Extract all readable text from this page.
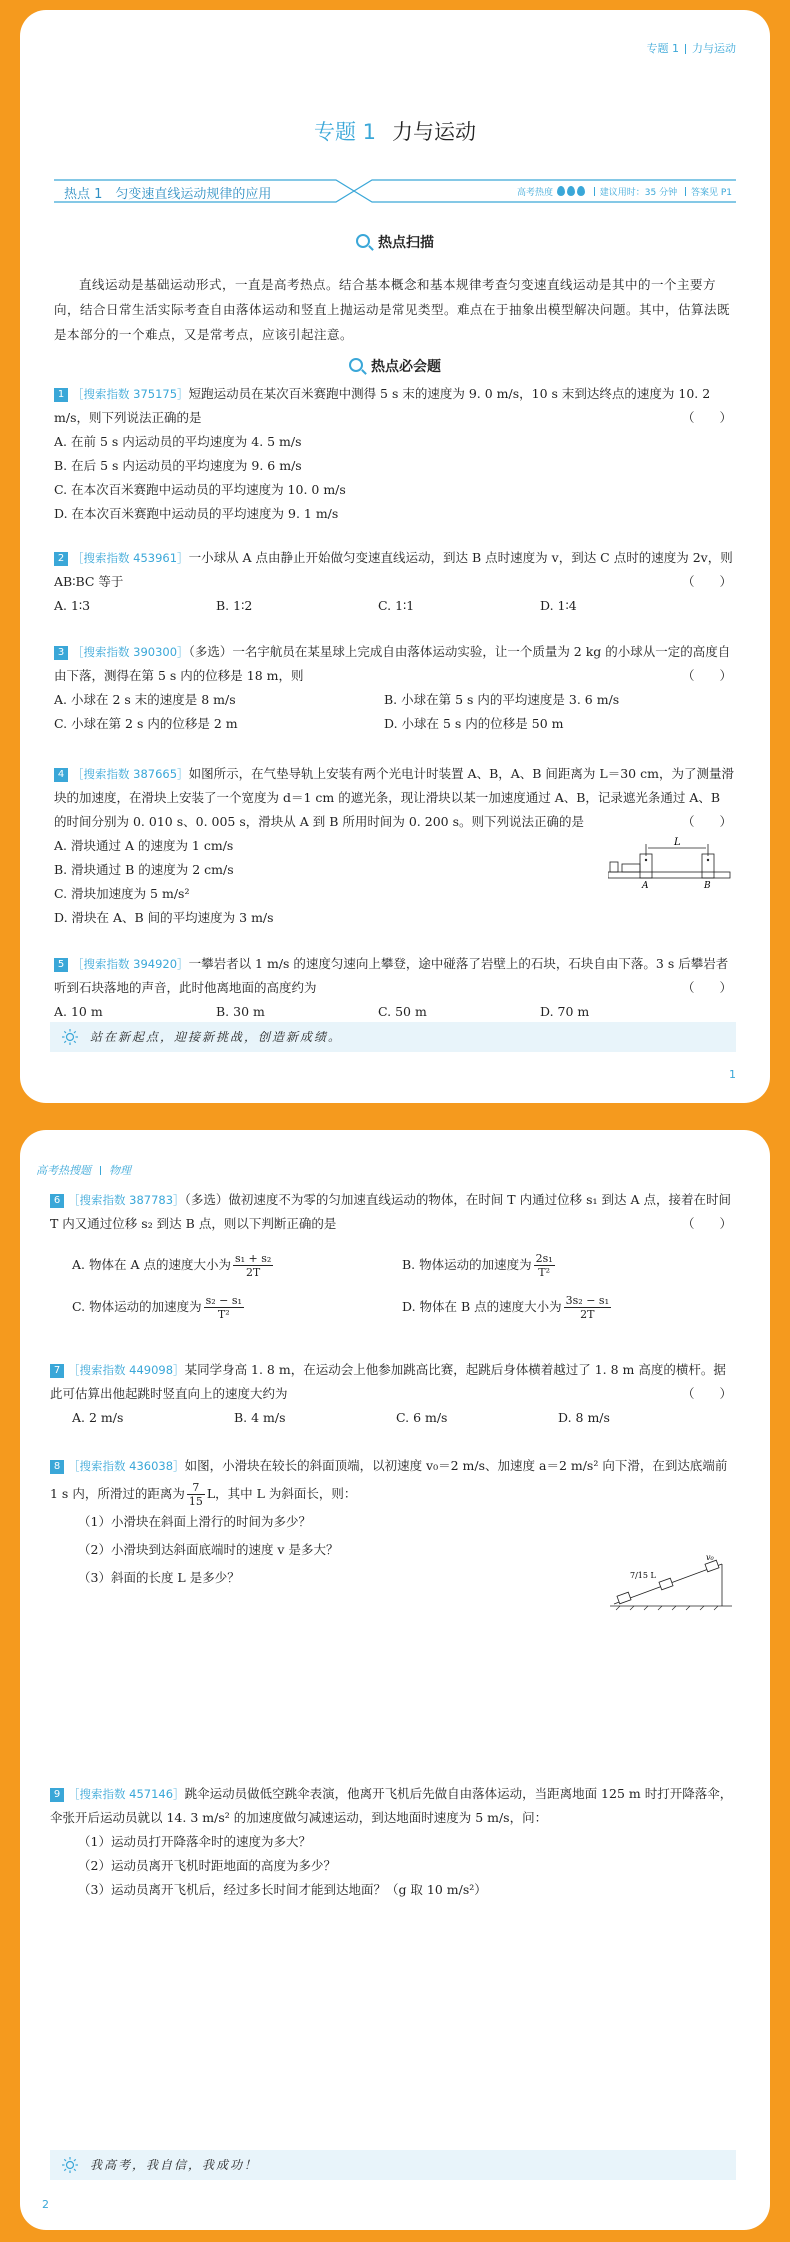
专题 1 力与运动
专题 1 力与运动
热点 1　匀变速直线运动规律的应用	高考热度	建议用时：35 分钟 答案见 P1
热点扫描
直线运动是基础运动形式，一直是高考热点。结合基本概念和基本规律考查匀变速直线运动是其中的一个主要方向，结合日常生活实际考查自由落体运动和竖直上抛运动是常见类型。难点在于抽象出模型解决问题。其中，估算法既是本部分的一个难点，又是常考点，应该引起注意。
热点必会题
1 ［搜索指数 375175］短跑运动员在某次百米赛跑中测得 5 s 末的速度为 9. 0 m/s，10 s 末到达终点的速度为 10. 2 m/s，则下列说法正确的是	（　　）
A. 在前 5 s 内运动员的平均速度为 4. 5 m/s
B. 在后 5 s 内运动员的平均速度为 9. 6 m/s
C. 在本次百米赛跑中运动员的平均速度为 10. 0 m/s
D. 在本次百米赛跑中运动员的平均速度为 9. 1 m/s
2 ［搜索指数 453961］一小球从 A 点由静止开始做匀变速直线运动，到达 B 点时速度为 v，到达 C 点时的速度为 2v，则 AB∶BC 等于	（　　）
A. 1∶3	B. 1∶2	C. 1∶1	D. 1∶4
3 ［搜索指数 390300］（多选）一名宇航员在某星球上完成自由落体运动实验，让一个质量为 2 kg 的小球从一定的高度自由下落，测得在第 5 s 内的位移是 18 m，则	（　　）
A. 小球在 2 s 末的速度是 8 m/s	B. 小球在第 5 s 内的平均速度是 3. 6 m/s
C. 小球在第 2 s 内的位移是 2 m	D. 小球在 5 s 内的位移是 50 m
4 ［搜索指数 387665］如图所示，在气垫导轨上安装有两个光电计时装置 A、B，A、B 间距离为 L＝30 cm，为了测量滑块的加速度，在滑块上安装了一个宽度为 d＝1 cm 的遮光条，现让滑块以某一加速度通过 A、B，记录遮光条通过 A、B 的时间分别为 0. 010 s、0. 005 s，滑块从 A 到 B 所用时间为 0. 200 s。则下列说法正确的是	（　　）
A. 滑块通过 A 的速度为 1 cm/s
B. 滑块通过 B 的速度为 2 cm/s
C. 滑块加速度为 5 m/s²
D. 滑块在 A、B 间的平均速度为 3 m/s
L
A	B
5 ［搜索指数 394920］一攀岩者以 1 m/s 的速度匀速向上攀登，途中碰落了岩壁上的石块，石块自由下落。3 s 后攀岩者听到石块落地的声音，此时他离地面的高度约为	（　　）
A. 10 m	B. 30 m	C. 50 m	D. 70 m
站在新起点，迎接新挑战，创造新成绩。
1
高考热搜题 物理
6 ［搜索指数 387783］（多选）做初速度不为零的匀加速直线运动的物体，在时间 T 内通过位移 s₁ 到达 A 点，接着在时间 T 内又通过位移 s₂ 到达 B 点，则以下判断正确的是	（　　）
A. 物体在 A 点的速度大小为 $\frac{\text{s₁ + s₂}}{2T}$	B. 物体运动的加速度为 $\frac{\text{2s₁}}{\text{T²}}$
C. 物体运动的加速度为 $\frac{\text{s₂ − s₁}}{\text{T²}}$	D. 物体在 B 点的速度大小为 $\frac{\text{3s₂ − s₁}}{2T}$
7 ［搜索指数 449098］某同学身高 1. 8 m，在运动会上他参加跳高比赛，起跳后身体横着越过了 1. 8 m 高度的横杆。据此可估算出他起跳时竖直向上的速度大约为	（　　）
A. 2 m/s	B. 4 m/s	C. 6 m/s	D. 8 m/s
8 ［搜索指数 436038］如图，小滑块在较长的斜面顶端，以初速度 v₀＝2 m/s、加速度 a＝2 m/s² 向下滑，在到达底端前 1 s 内，所滑过的距离为 $\frac{7}{15}$ L，其中 L 为斜面长，则：
（1）小滑块在斜面上滑行的时间为多少？
（2）小滑块到达斜面底端时的速度 v 是多大？
（3）斜面的长度 L 是多少？
v₀
7/15 L
9 ［搜索指数 457146］跳伞运动员做低空跳伞表演，他离开飞机后先做自由落体运动，当距离地面 125 m 时打开降落伞，伞张开后运动员就以 14. 3 m/s² 的加速度做匀减速运动，到达地面时速度为 5 m/s，问：
（1）运动员打开降落伞时的速度为多大？
（2）运动员离开飞机时距地面的高度为多少？
（3）运动员离开飞机后，经过多长时间才能到达地面？（g 取 10 m/s²）
我高考，我自信，我成功！
2
